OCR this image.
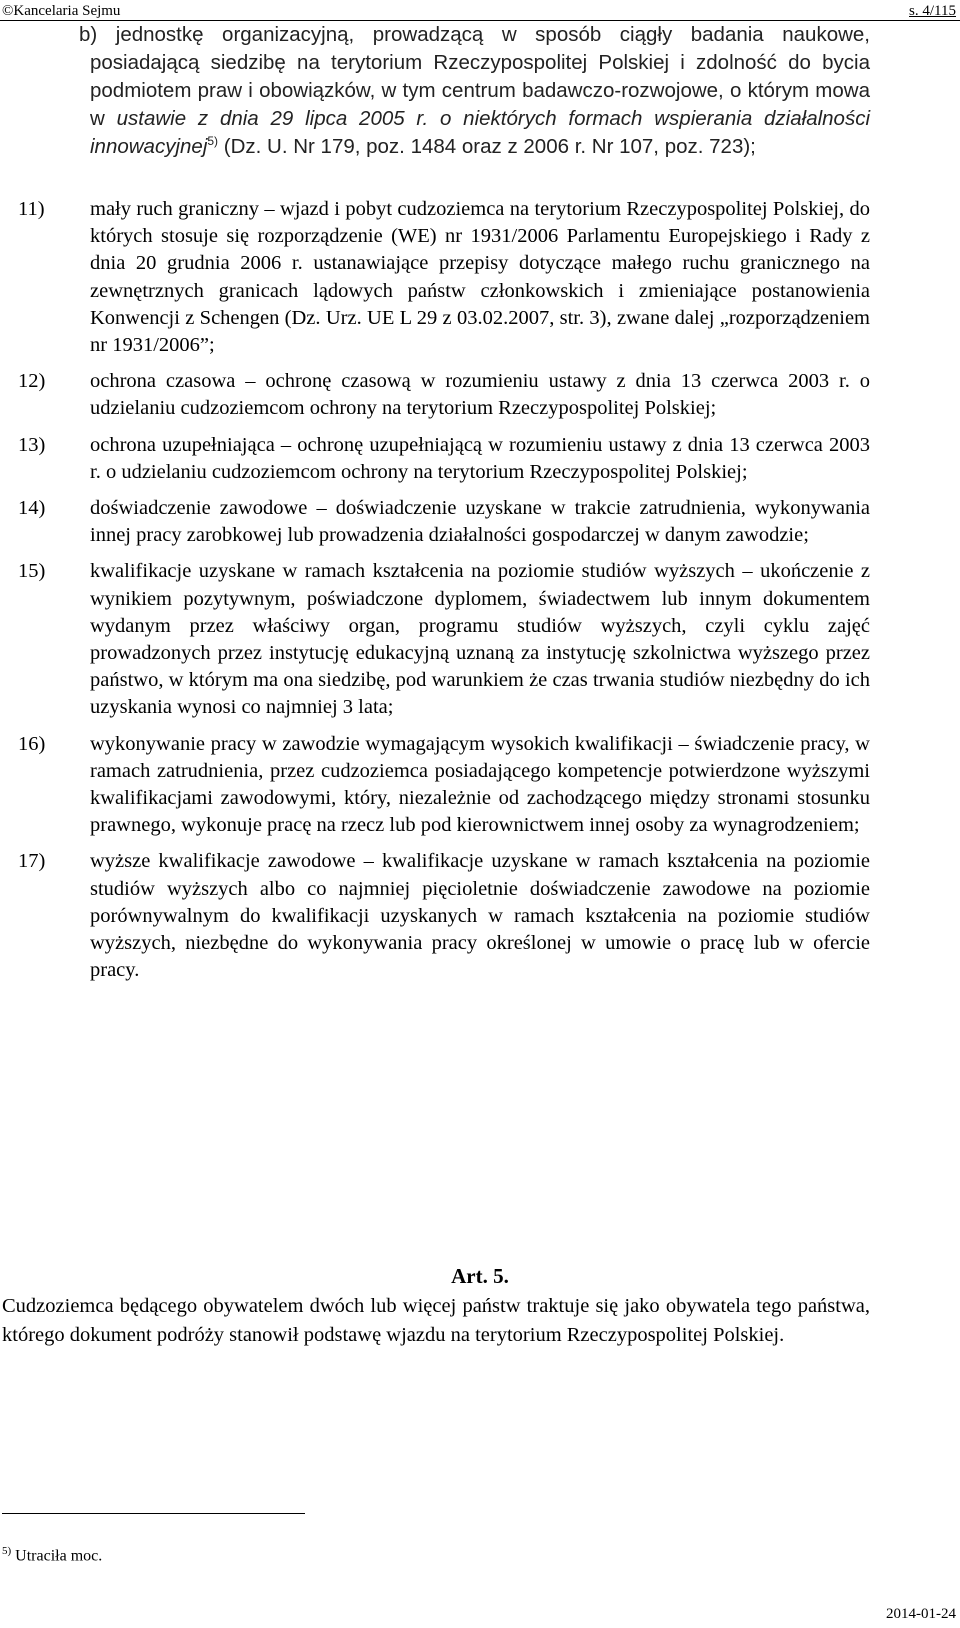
©Kancelaria Sejmu	s. 4/115
b) jednostkę organizacyjną, prowadzącą w sposób ciągły badania naukowe, posiadającą siedzibę na terytorium Rzeczypospolitej Polskiej i zdolność do bycia podmiotem praw i obowiązków, w tym centrum badawczo-rozwojowe, o którym mowa w ustawie z dnia 29 lipca 2005 r. o niektórych formach wspierania działalności innowacyjnej$^{5)}$ (Dz. U. Nr 179, poz. 1484 oraz z 2006 r. Nr 107, poz. 723);
11)	mały ruch graniczny – wjazd i pobyt cudzoziemca na terytorium Rzeczypospolitej Polskiej, do których stosuje się rozporządzenie (WE) nr 1931/2006 Parlamentu Europejskiego i Rady z dnia 20 grudnia 2006 r. ustanawiające przepisy dotyczące małego ruchu granicznego na zewnętrznych granicach lądowych państw członkowskich i zmieniające postanowienia Konwencji z Schengen (Dz. Urz. UE L 29 z 03.02.2007, str. 3), zwane dalej „rozporządzeniem nr 1931/2006”;
12)	ochrona czasowa – ochronę czasową w rozumieniu ustawy z dnia 13 czerwca 2003 r. o udzielaniu cudzoziemcom ochrony na terytorium Rzeczypospolitej Polskiej;
13)	ochrona uzupełniająca – ochronę uzupełniającą w rozumieniu ustawy z dnia 13 czerwca 2003 r. o udzielaniu cudzoziemcom ochrony na terytorium Rzeczypospolitej Polskiej;
14)	doświadczenie zawodowe – doświadczenie uzyskane w trakcie zatrudnienia, wykonywania innej pracy zarobkowej lub prowadzenia działalności gospodarczej w danym zawodzie;
15)	kwalifikacje uzyskane w ramach kształcenia na poziomie studiów wyższych – ukończenie z wynikiem pozytywnym, poświadczone dyplomem, świadectwem lub innym dokumentem wydanym przez właściwy organ, programu studiów wyższych, czyli cyklu zajęć prowadzonych przez instytucję edukacyjną uznaną za instytucję szkolnictwa wyższego przez państwo, w którym ma ona siedzibę, pod warunkiem że czas trwania studiów niezbędny do ich uzyskania wynosi co najmniej 3 lata;
16)	wykonywanie pracy w zawodzie wymagającym wysokich kwalifikacji – świadczenie pracy, w ramach zatrudnienia, przez cudzoziemca posiadającego kompetencje potwierdzone wyższymi kwalifikacjami zawodowymi, który, niezależnie od zachodzącego między stronami stosunku prawnego, wykonuje pracę na rzecz lub pod kierownictwem innej osoby za wynagrodzeniem;
17)	wyższe kwalifikacje zawodowe – kwalifikacje uzyskane w ramach kształcenia na poziomie studiów wyższych albo co najmniej pięcioletnie doświadczenie zawodowe na poziomie porównywalnym do kwalifikacji uzyskanych w ramach kształcenia na poziomie studiów wyższych, niezbędne do wykonywania pracy określonej w umowie o pracę lub w ofercie pracy.
Art. 5.
Cudzoziemca będącego obywatelem dwóch lub więcej państw traktuje się jako obywatela tego państwa, którego dokument podróży stanowił podstawę wjazdu na terytorium Rzeczypospolitej Polskiej.
$^{5)}$ Utraciła moc.
2014-01-24
